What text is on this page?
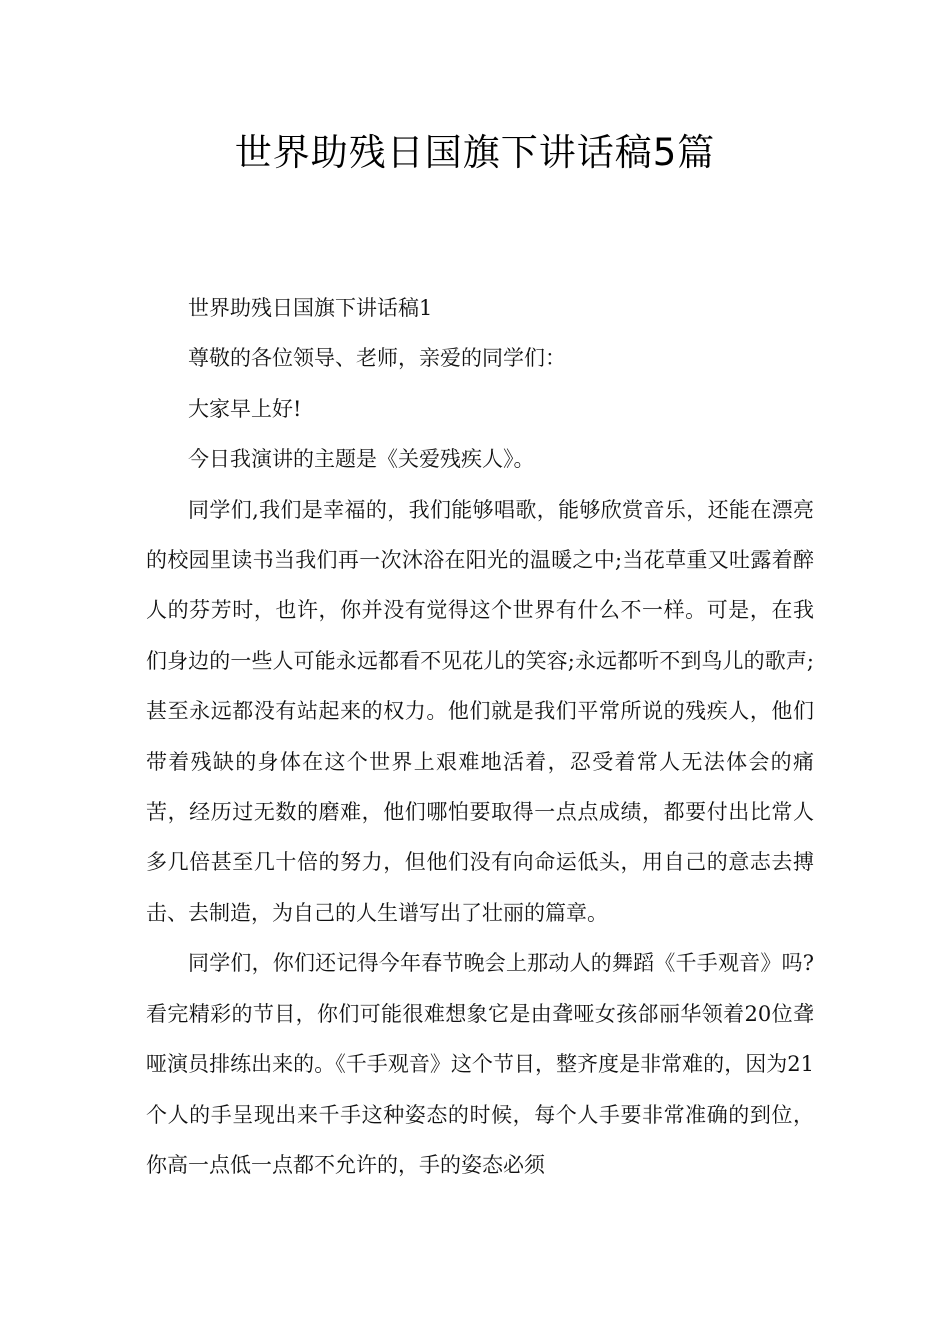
世界助残日国旗下讲话稿5篇

世界助残日国旗下讲话稿1

尊敬的各位领导、老师，亲爱的同学们：

大家早上好!

今日我演讲的主题是《关爱残疾人》。

同学们,我们是幸福的，我们能够唱歌，能够欣赏音乐，还能在漂亮的校园里读书当我们再一次沐浴在阳光的温暖之中;当花草重又吐露着醉人的芬芳时，也许，你并没有觉得这个世界有什么不一样。可是，在我们身边的一些人可能永远都看不见花儿的笑容;永远都听不到鸟儿的歌声;甚至永远都没有站起来的权力。他们就是我们平常所说的残疾人，他们带着残缺的身体在这个世界上艰难地活着，忍受着常人无法体会的痛苦，经历过无数的磨难，他们哪怕要取得一点点成绩，都要付出比常人多几倍甚至几十倍的努力，但他们没有向命运低头，用自己的意志去搏击、去制造，为自己的人生谱写出了壮丽的篇章。

同学们，你们还记得今年春节晚会上那动人的舞蹈《千手观音》吗?看完精彩的节目，你们可能很难想象它是由聋哑女孩郃丽华领着20位聋哑演员排练出来的。《千手观音》这个节目，整齐度是非常难的，因为21个人的手呈现出来千手这种姿态的时候，每个人手要非常准确的到位，你高一点低一点都不允许的，手的姿态必须
